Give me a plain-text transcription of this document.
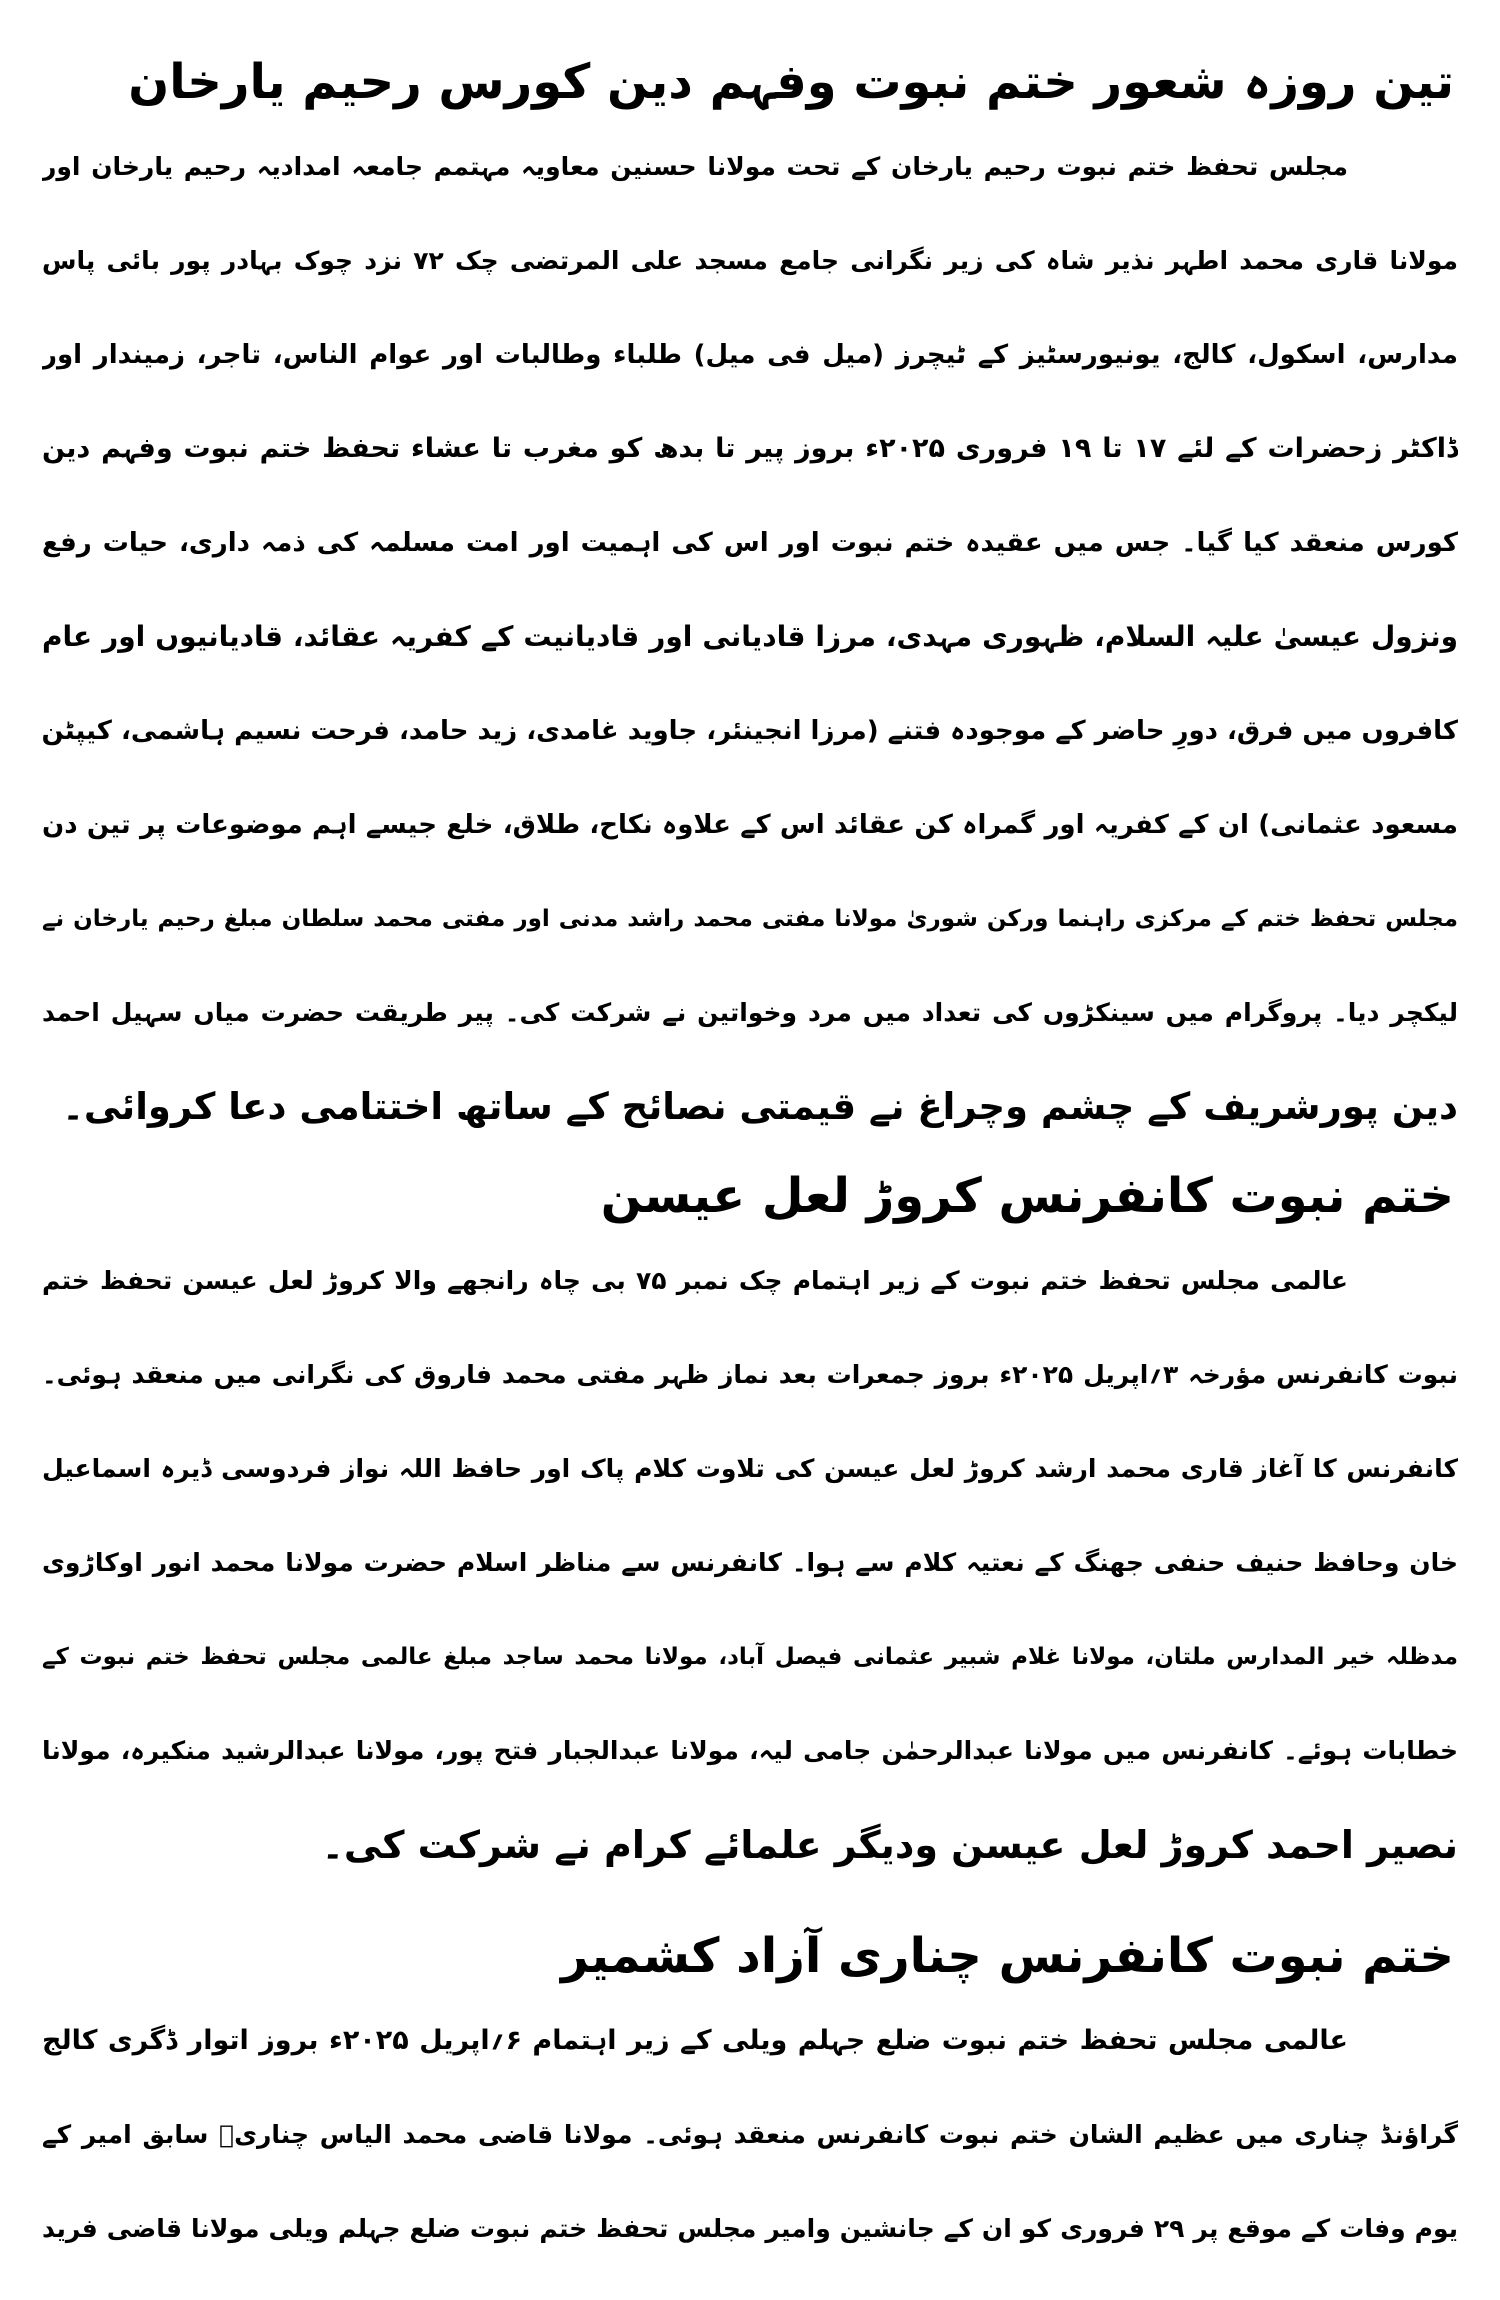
تین روزہ شعور ختم نبوت وفہم دین کورس رحیم یارخان
مجلس تحفظ ختم نبوت رحیم یارخان کے تحت مولانا حسنین معاویہ مہتمم جامعہ امدادیہ رحیم یارخان اور
مولانا قاری محمد اطہر نذیر شاہ کی زیر نگرانی جامع مسجد علی المرتضی چک ۷۲ نزد چوک بہادر پور بائی پاس
مدارس، اسکول، کالج، یونیورسٹیز کے ٹیچرز (میل فی میل) طلباء وطالبات اور عوام الناس، تاجر، زمیندار اور
ڈاکٹر زحضرات کے لئے ۱۷ تا ۱۹ فروری ۲۰۲۵ء بروز پیر تا بدھ کو مغرب تا عشاء تحفظ ختم نبوت وفہم دین
کورس منعقد کیا گیا۔ جس میں عقیدہ ختم نبوت اور اس کی اہمیت اور امت مسلمہ کی ذمہ داری، حیات رفع
ونزول عیسیٰ علیہ السلام، ظہوری مہدی، مرزا قادیانی اور قادیانیت کے کفریہ عقائد، قادیانیوں اور عام
کافروں میں فرق، دورِ حاضر کے موجودہ فتنے (مرزا انجینئر، جاوید غامدی، زید حامد، فرحت نسیم ہاشمی، کیپٹن
مسعود عثمانی) ان کے کفریہ اور گمراہ کن عقائد اس کے علاوہ نکاح، طلاق، خلع جیسے اہم موضوعات پر تین دن
مجلس تحفظ ختم کے مرکزی راہنما ورکن شوریٰ مولانا مفتی محمد راشد مدنی اور مفتی محمد سلطان مبلغ رحیم یارخان نے
لیکچر دیا۔ پروگرام میں سینکڑوں کی تعداد میں مرد وخواتین نے شرکت کی۔ پیر طریقت حضرت میاں سہیل احمد
دین پورشریف کے چشم وچراغ نے قیمتی نصائح کے ساتھ اختتامی دعا کروائی۔
ختم نبوت کانفرنس کروڑ لعل عیسن
عالمی مجلس تحفظ ختم نبوت کے زیر اہتمام چک نمبر ۷۵ بی چاہ رانجھے والا کروڑ لعل عیسن تحفظ ختم
نبوت کانفرنس مؤرخہ ۳؍اپریل ۲۰۲۵ء بروز جمعرات بعد نماز ظہر مفتی محمد فاروق کی نگرانی میں منعقد ہوئی۔
کانفرنس کا آغاز قاری محمد ارشد کروڑ لعل عیسن کی تلاوت کلام پاک اور حافظ اللہ نواز فردوسی ڈیرہ اسماعیل
خان وحافظ حنیف حنفی جھنگ کے نعتیہ کلام سے ہوا۔ کانفرنس سے مناظر اسلام حضرت مولانا محمد انور اوکاڑوی
مدظلہ خیر المدارس ملتان، مولانا غلام شبیر عثمانی فیصل آباد، مولانا محمد ساجد مبلغ عالمی مجلس تحفظ ختم نبوت کے
خطابات ہوئے۔ کانفرنس میں مولانا عبدالرحمٰن جامی لیہ، مولانا عبدالجبار فتح پور، مولانا عبدالرشید منکیرہ، مولانا
نصیر احمد کروڑ لعل عیسن ودیگر علمائے کرام نے شرکت کی۔
ختم نبوت کانفرنس چناری آزاد کشمیر
عالمی مجلس تحفظ ختم نبوت ضلع جہلم ویلی کے زیر اہتمام ۶؍اپریل ۲۰۲۵ء بروز اتوار ڈگری کالج
گراؤنڈ چناری میں عظیم الشان ختم نبوت کانفرنس منعقد ہوئی۔ مولانا قاضی محمد الیاس چناریؒ سابق امیر کے
یوم وفات کے موقع پر ۲۹ فروری کو ان کے جانشین وامیر مجلس تحفظ ختم نبوت ضلع جہلم ویلی مولانا قاضی فرید
